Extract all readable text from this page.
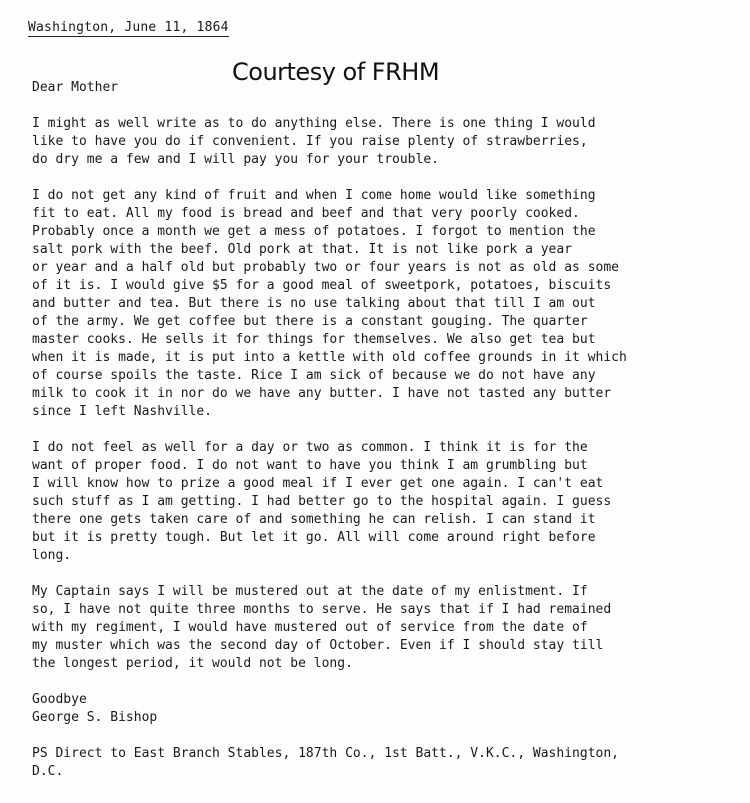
Washington, June 11, 1864
Courtesy of FRHM
Dear Mother
I might as well write as to do anything else. There is one thing I would
like to have you do if convenient. If you raise plenty of strawberries,
do dry me a few and I will pay you for your trouble.
I do not get any kind of fruit and when I come home would like something
fit to eat. All my food is bread and beef and that very poorly cooked.
Probably once a month we get a mess of potatoes. I forgot to mention the
salt pork with the beef. Old pork at that. It is not like pork a year
or year and a half old but probably two or four years is not as old as some
of it is. I would give $5 for a good meal of sweetpork, potatoes, biscuits
and butter and tea. But there is no use talking about that till I am out
of the army. We get coffee but there is a constant gouging. The quarter
master cooks. He sells it for things for themselves. We also get tea but
when it is made, it is put into a kettle with old coffee grounds in it which
of course spoils the taste. Rice I am sick of because we do not have any
milk to cook it in nor do we have any butter. I have not tasted any butter
since I left Nashville.
I do not feel as well for a day or two as common. I think it is for the
want of proper food. I do not want to have you think I am grumbling but
I will know how to prize a good meal if I ever get one again. I can't eat
such stuff as I am getting. I had better go to the hospital again. I guess
there one gets taken care of and something he can relish. I can stand it
but it is pretty tough. But let it go. All will come around right before
long.
My Captain says I will be mustered out at the date of my enlistment. If
so, I have not quite three months to serve. He says that if I had remained
with my regiment, I would have mustered out of service from the date of
my muster which was the second day of October. Even if I should stay till
the longest period, it would not be long.
Goodbye
George S. Bishop
PS Direct to East Branch Stables, 187th Co., 1st Batt., V.K.C., Washington,
D.C.
